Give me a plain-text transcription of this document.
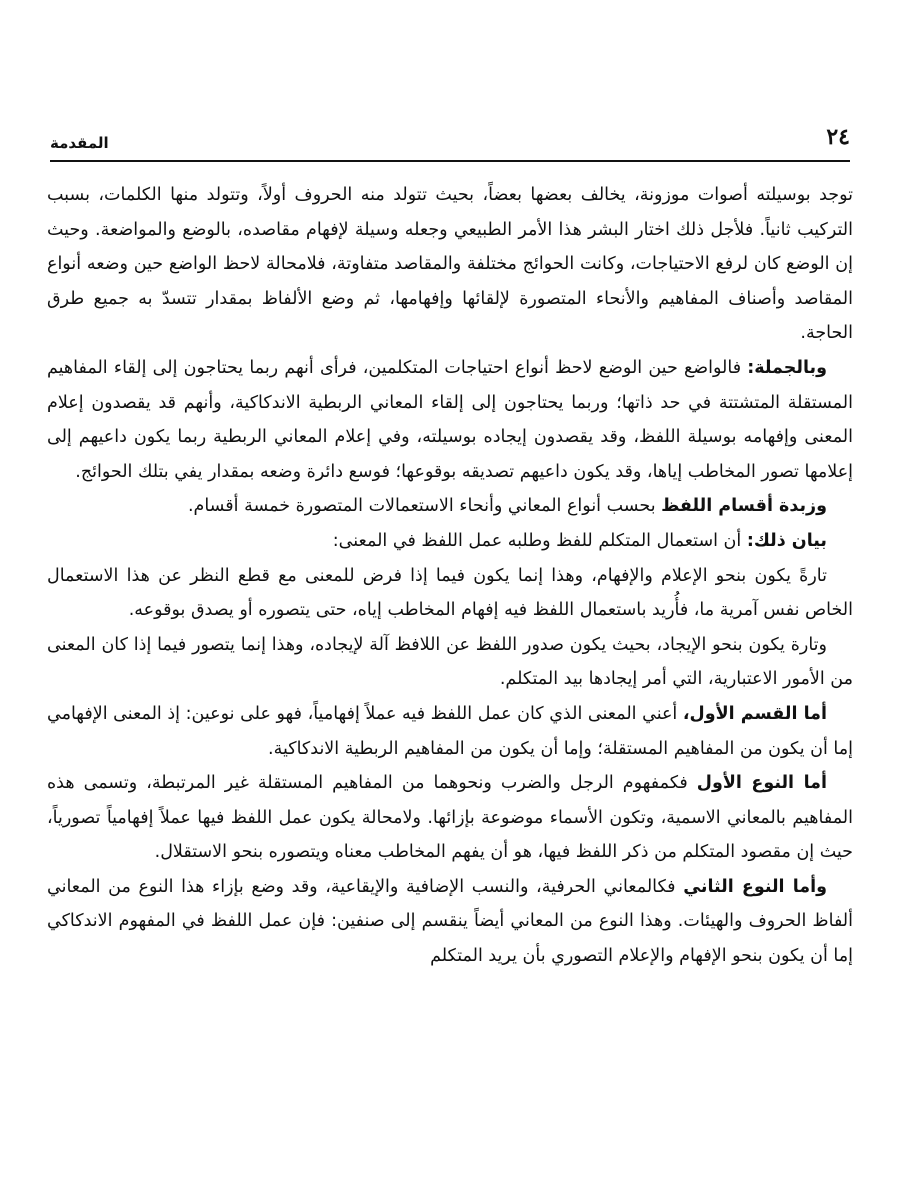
٢٤
المقدمة

توجد بوسيلته أصوات موزونة، يخالف بعضها بعضاً، بحيث تتولد منه الحروف أولاً، وتتولد منها الكلمات، بسبب التركيب ثانياً. فلأجل ذلك اختار البشر هذا الأمر الطبيعي وجعله وسيلة لإفهام مقاصده، بالوضع والمواضعة. وحيث إن الوضع كان لرفع الاحتياجات، وكانت الحوائج مختلفة والمقاصد متفاوتة، فلامحالة لاحظ الواضع حين وضعه أنواع المقاصد وأصناف المفاهيم والأنحاء المتصورة لإلقائها وإفهامها، ثم وضع الألفاظ بمقدار تتسدّ به جميع طرق الحاجة.

وبالجملة: فالواضع حين الوضع لاحظ أنواع احتياجات المتكلمين، فرأى أنهم ربما يحتاجون إلى إلقاء المفاهيم المستقلة المتشتتة في حد ذاتها؛ وربما يحتاجون إلى إلقاء المعاني الربطية الاندكاكية، وأنهم قد يقصدون إعلام المعنى وإفهامه بوسيلة اللفظ، وقد يقصدون إيجاده بوسيلته، وفي إعلام المعاني الربطية ربما يكون داعيهم إلى إعلامها تصور المخاطب إياها، وقد يكون داعيهم تصديقه بوقوعها؛ فوسع دائرة وضعه بمقدار يفي بتلك الحوائج.

وزبدة أقسام اللفظ بحسب أنواع المعاني وأنحاء الاستعمالات المتصورة خمسة أقسام.

بيان ذلك: أن استعمال المتكلم للفظ وطلبه عمل اللفظ في المعنى:

تارةً يكون بنحو الإعلام والإفهام، وهذا إنما يكون فيما إذا فرض للمعنى مع قطع النظر عن هذا الاستعمال الخاص نفس آمرية ما، فأُريد باستعمال اللفظ فيه إفهام المخاطب إياه، حتى يتصوره أو يصدق بوقوعه.

وتارة يكون بنحو الإيجاد، بحيث يكون صدور اللفظ عن اللافظ آلة لإيجاده، وهذا إنما يتصور فيما إذا كان المعنى من الأمور الاعتبارية، التي أمر إيجادها بيد المتكلم.

أما القسم الأول، أعني المعنى الذي كان عمل اللفظ فيه عملاً إفهامياً، فهو على نوعين: إذ المعنى الإفهامي إما أن يكون من المفاهيم المستقلة؛ وإما أن يكون من المفاهيم الربطية الاندكاكية.

أما النوع الأول فكمفهوم الرجل والضرب ونحوهما من المفاهيم المستقلة غير المرتبطة، وتسمى هذه المفاهيم بالمعاني الاسمية، وتكون الأسماء موضوعة بإزائها. ولامحالة يكون عمل اللفظ فيها عملاً إفهامياً تصورياً، حيث إن مقصود المتكلم من ذكر اللفظ فيها، هو أن يفهم المخاطب معناه ويتصوره بنحو الاستقلال.

وأما النوع الثاني فكالمعاني الحرفية، والنسب الإضافية والإيقاعية، وقد وضع بإزاء هذا النوع من المعاني ألفاظ الحروف والهيئات. وهذا النوع من المعاني أيضاً ينقسم إلى صنفين: فإن عمل اللفظ في المفهوم الاندكاكي إما أن يكون بنحو الإفهام والإعلام التصوري بأن يريد المتكلم
